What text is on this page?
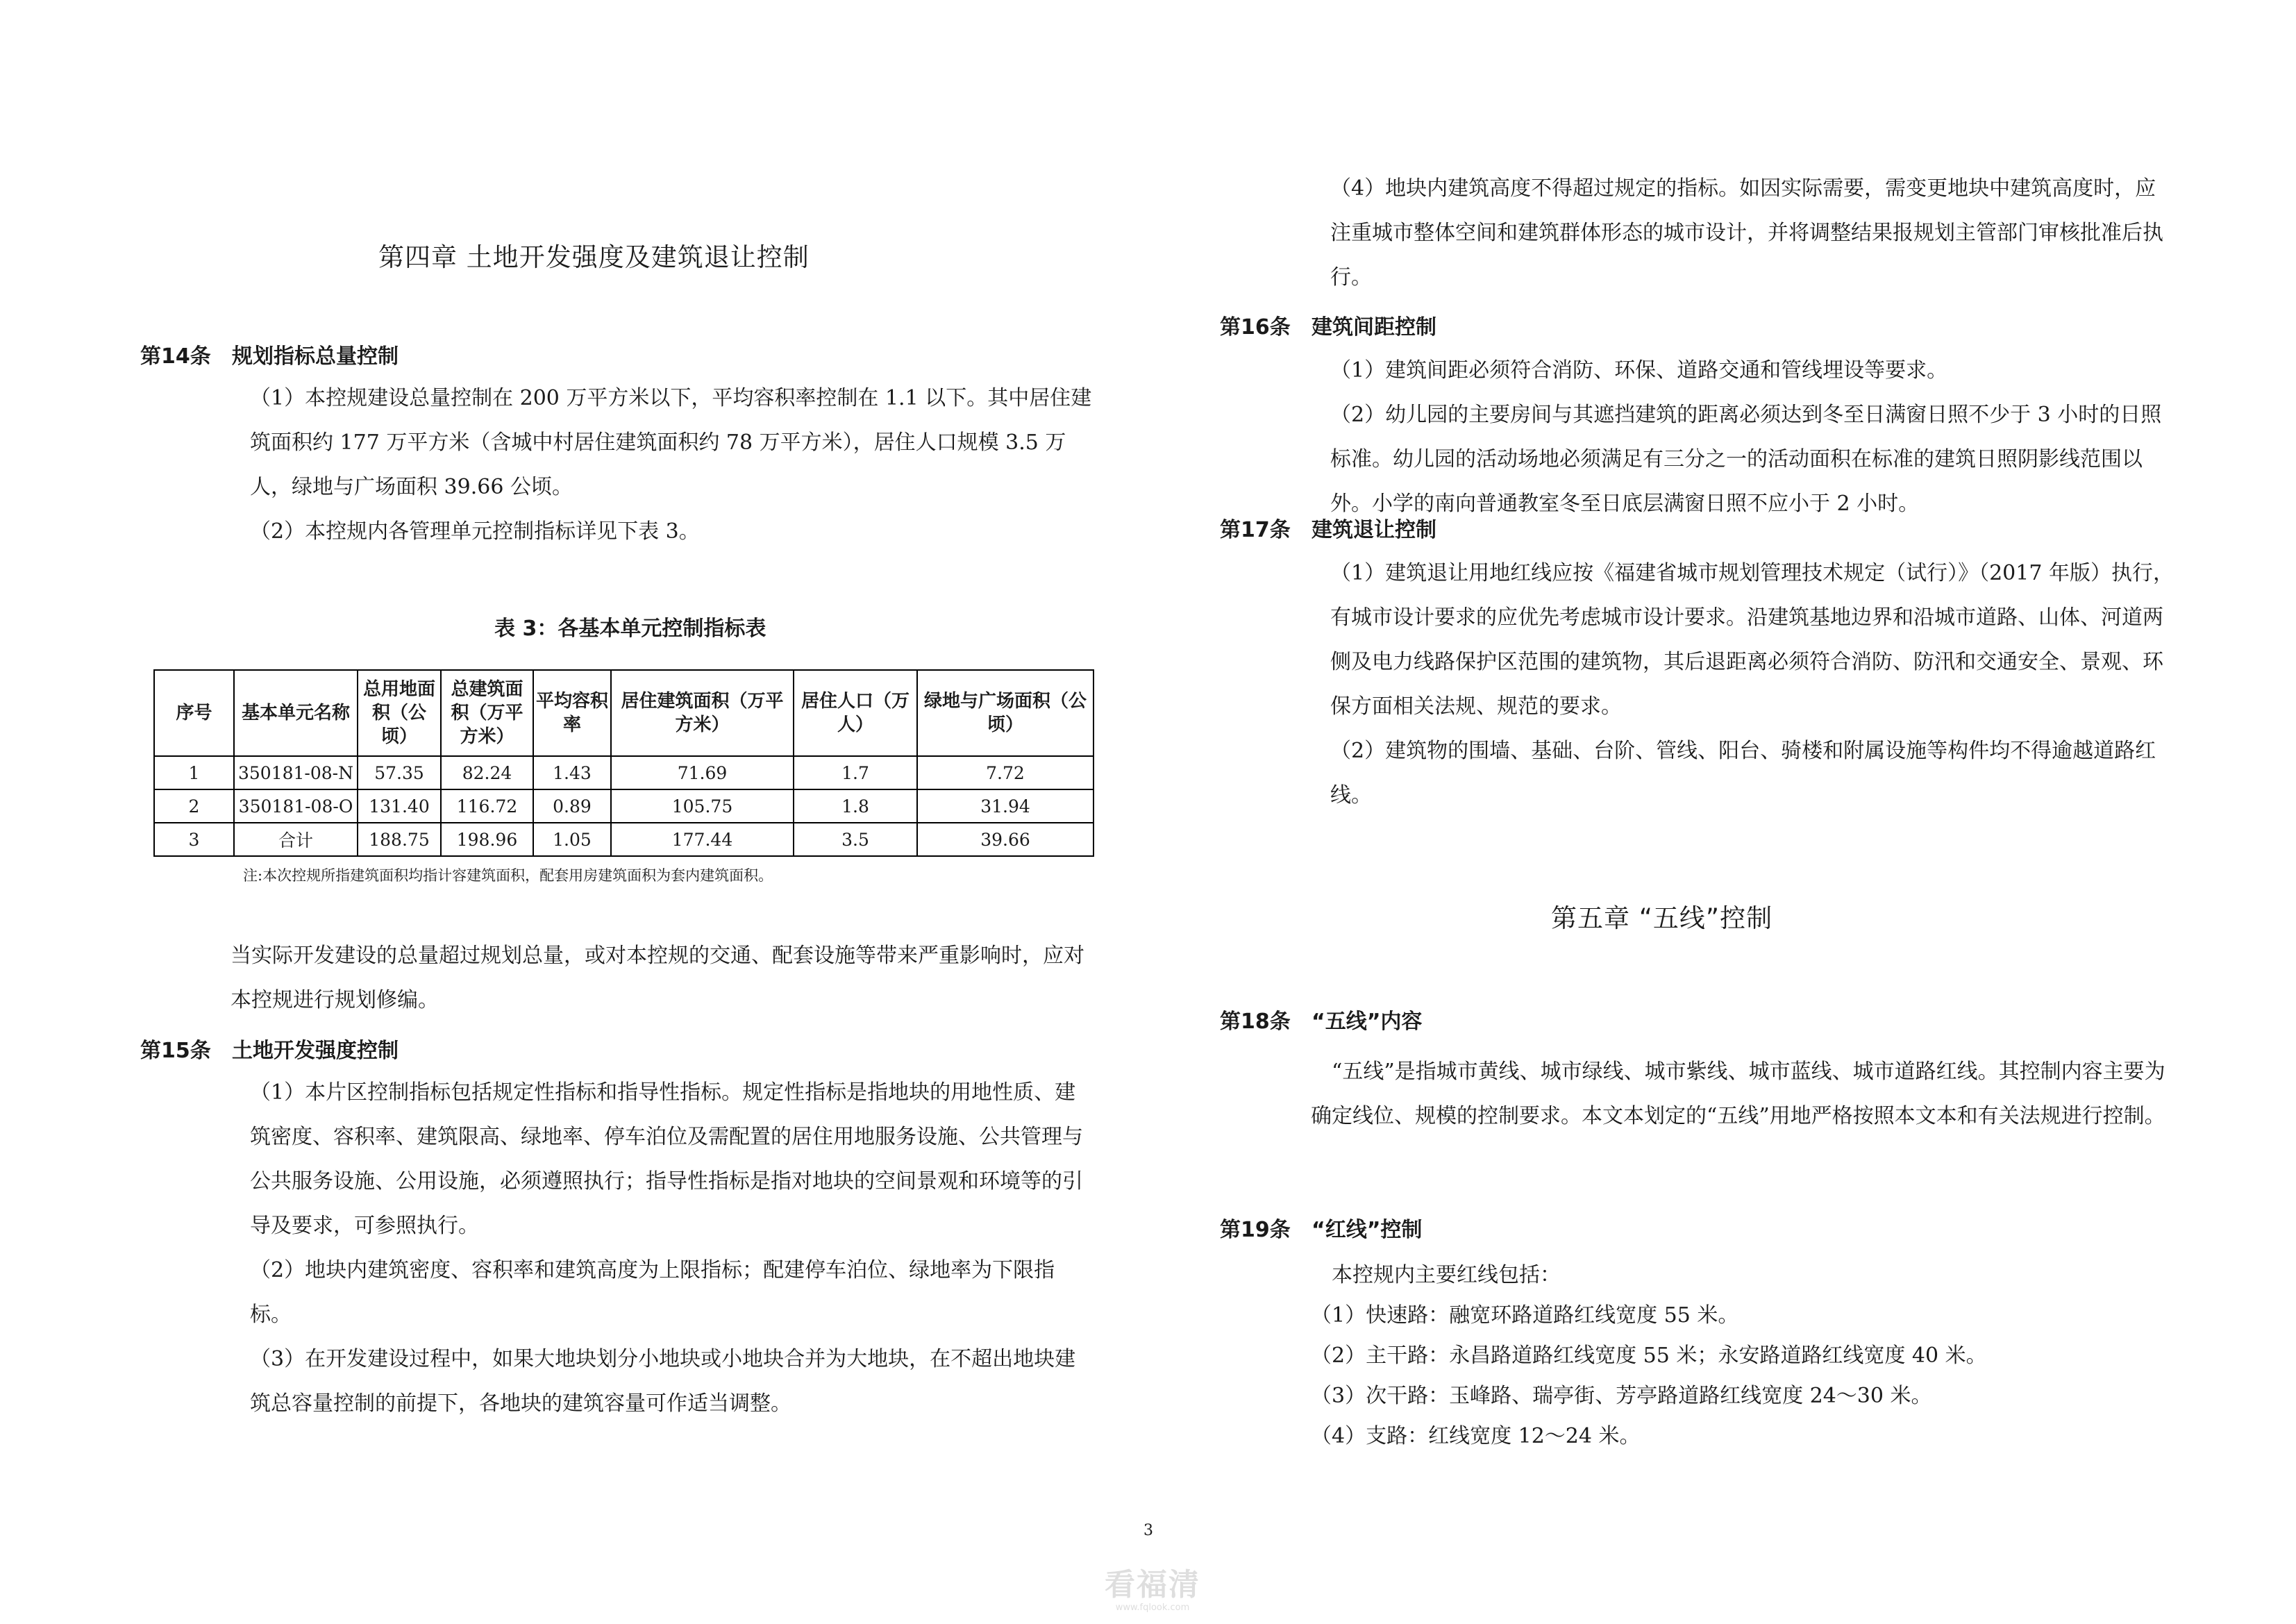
第四章 土地开发强度及建筑退让控制
第14条 规划指标总量控制

（1）本控规建设总量控制在 200 万平方米以下，平均容积率控制在 1.1 以下。其中居住建筑面积约 177 万平方米（含城中村居住建筑面积约 78 万平方米），居住人口规模 3.5 万人，绿地与广场面积 39.66 公顷。

（2）本控规内各管理单元控制指标详见下表 3。

表 3：各基本单元控制指标表
序号	基本单元名称	总用地面积（公顷）	总建筑面积（万平方米）	平均容积率	居住建筑面积（万平方米）	居住人口（万人）	绿地与广场面积（公顷）
1	350181-08-N	57.35	82.24	1.43	71.69	1.7	7.72
2	350181-08-O	131.40	116.72	0.89	105.75	1.8	31.94
3	合计	188.75	198.96	1.05	177.44	3.5	39.66
注:本次控规所指建筑面积均指计容建筑面积，配套用房建筑面积为套内建筑面积。

当实际开发建设的总量超过规划总量，或对本控规的交通、配套设施等带来严重影响时，应对本控规进行规划修编。

第15条 土地开发强度控制

（1）本片区控制指标包括规定性指标和指导性指标。规定性指标是指地块的用地性质、建筑密度、容积率、建筑限高、绿地率、停车泊位及需配置的居住用地服务设施、公共管理与公共服务设施、公用设施，必须遵照执行；指导性指标是指对地块的空间景观和环境等的引导及要求，可参照执行。

（2）地块内建筑密度、容积率和建筑高度为上限指标；配建停车泊位、绿地率为下限指标。

（3）在开发建设过程中，如果大地块划分小地块或小地块合并为大地块，在不超出地块建筑总容量控制的前提下，各地块的建筑容量可作适当调整。

（4）地块内建筑高度不得超过规定的指标。如因实际需要，需变更地块中建筑高度时，应注重城市整体空间和建筑群体形态的城市设计，并将调整结果报规划主管部门审核批准后执行。

第16条 建筑间距控制

（1）建筑间距必须符合消防、环保、道路交通和管线埋设等要求。

（2）幼儿园的主要房间与其遮挡建筑的距离必须达到冬至日满窗日照不少于 3 小时的日照标准。幼儿园的活动场地必须满足有三分之一的活动面积在标准的建筑日照阴影线范围以外。小学的南向普通教室冬至日底层满窗日照不应小于 2 小时。

第17条 建筑退让控制

（1）建筑退让用地红线应按《福建省城市规划管理技术规定（试行）》（2017 年版）执行，有城市设计要求的应优先考虑城市设计要求。沿建筑基地边界和沿城市道路、山体、河道两侧及电力线路保护区范围的建筑物，其后退距离必须符合消防、防汛和交通安全、景观、环保方面相关法规、规范的要求。

（2）建筑物的围墙、基础、台阶、管线、阳台、骑楼和附属设施等构件均不得逾越道路红线。

第五章 “五线”控制
第18条 “五线”内容

“五线”是指城市黄线、城市绿线、城市紫线、城市蓝线、城市道路红线。其控制内容主要为确定线位、规模的控制要求。本文本划定的“五线”用地严格按照本文本和有关法规进行控制。

第19条 “红线”控制

本控规内主要红线包括：

（1）快速路：融宽环路道路红线宽度 55 米。

（2）主干路：永昌路道路红线宽度 55 米；永安路道路红线宽度 40 米。

（3）次干路：玉峰路、瑞亭街、芳亭路道路红线宽度 24～30 米。

（4）支路：红线宽度 12～24 米。

3
看福清
www.fqlook.com
